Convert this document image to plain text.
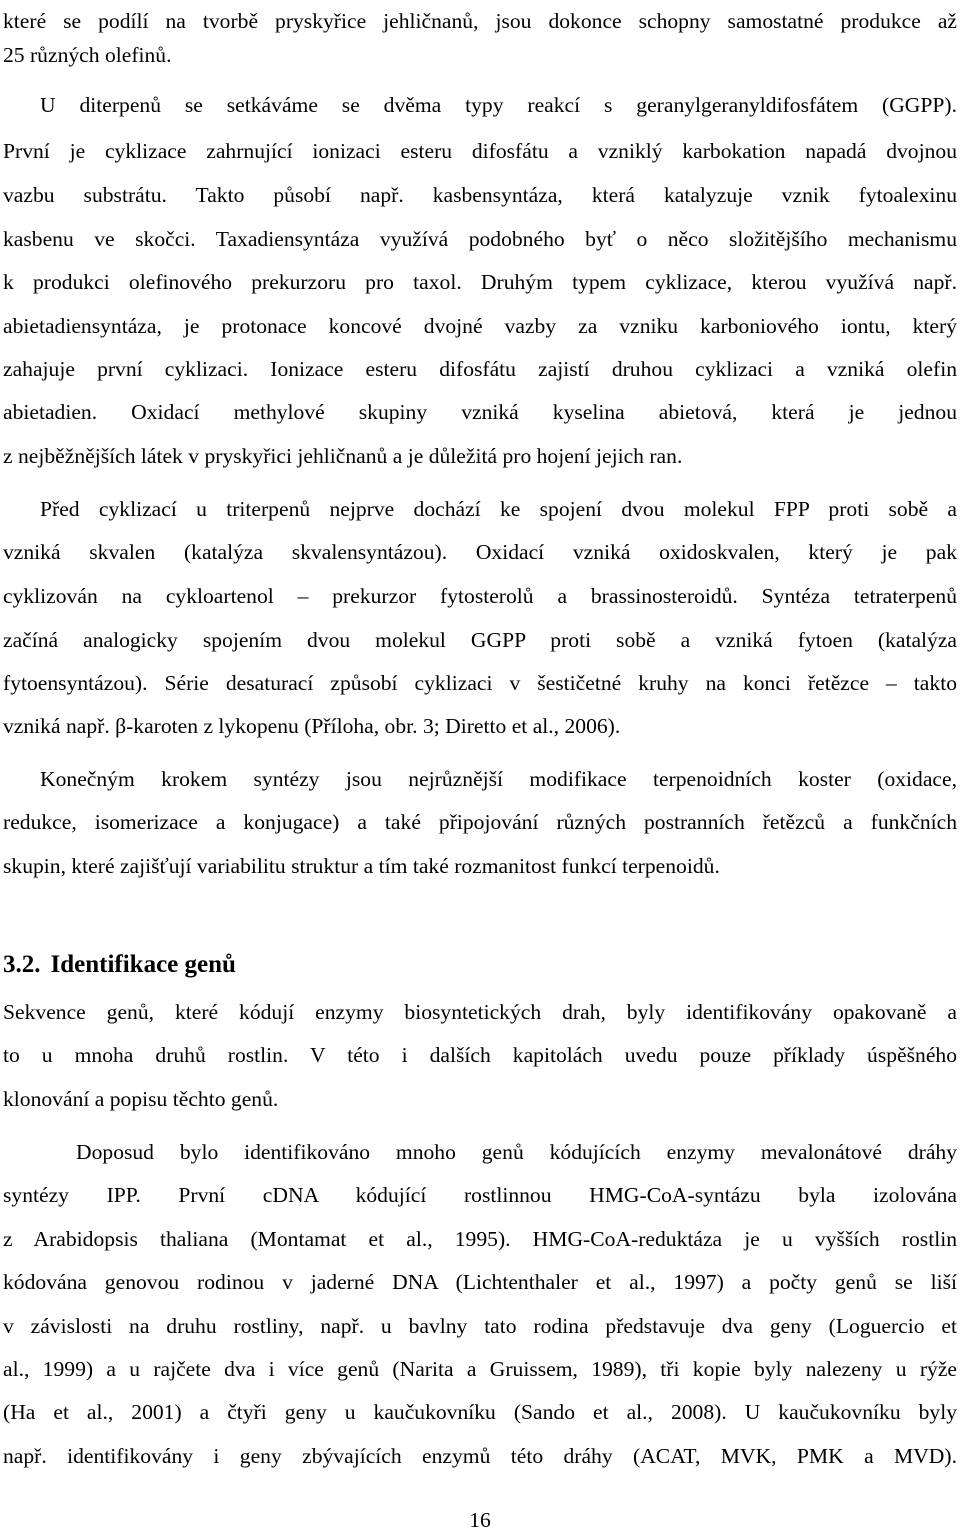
které se podílí na tvorbě pryskyřice jehličnanů, jsou dokonce schopny samostatné produkce až
25 různých olefinů.
U diterpenů se setkáváme se dvěma typy reakcí s geranylgeranyldifosfátem (GGPP).
První je cyklizace zahrnující ionizaci esteru difosfátu a vzniklý karbokation napadá dvojnou
vazbu substrátu. Takto působí např. kasbensyntáza, která katalyzuje vznik fytoalexinu
kasbenu ve skočci. Taxadiensyntáza využívá podobného byť o něco složitějšího mechanismu
k produkci olefinového prekurzoru pro taxol. Druhým typem cyklizace, kterou využívá např.
abietadiensyntáza, je protonace koncové dvojné vazby za vzniku karboniového iontu, který
zahajuje první cyklizaci. Ionizace esteru difosfátu zajistí druhou cyklizaci a vzniká olefin
abietadien. Oxidací methylové skupiny vzniká kyselina abietová, která je jednou
z nejběžnějších látek v pryskyřici jehličnanů a je důležitá pro hojení jejich ran.
Před cyklizací u triterpenů nejprve dochází ke spojení dvou molekul FPP proti sobě a
vzniká skvalen (katalýza skvalensyntázou). Oxidací vzniká oxidoskvalen, který je pak
cyklizován na cykloartenol – prekurzor fytosterolů a brassinosteroidů. Syntéza tetraterpenů
začíná analogicky spojením dvou molekul GGPP proti sobě a vzniká fytoen (katalýza
fytoensyntázou). Série desaturací způsobí cyklizaci v šestičetné kruhy na konci řetězce – takto
vzniká např. β-karoten z lykopenu (Příloha, obr. 3; Diretto et al., 2006).
Konečným krokem syntézy jsou nejrůznější modifikace terpenoidních koster (oxidace,
redukce, isomerizace a konjugace) a také připojování různých postranních řetězců a funkčních
skupin, které zajišťují variabilitu struktur a tím také rozmanitost funkcí terpenoidů.
3.2. Identifikace genů
Sekvence genů, které kódují enzymy biosyntetických drah, byly identifikovány opakovaně a
to u mnoha druhů rostlin. V této i dalších kapitolách uvedu pouze příklady úspěšného
klonování a popisu těchto genů.
Doposud bylo identifikováno mnoho genů kódujících enzymy mevalonátové dráhy
syntézy IPP. První cDNA kódující rostlinnou HMG-CoA-syntázu byla izolována
z Arabidopsis thaliana (Montamat et al., 1995). HMG-CoA-reduktáza je u vyšších rostlin
kódována genovou rodinou v jaderné DNA (Lichtenthaler et al., 1997) a počty genů se liší
v závislosti na druhu rostliny, např. u bavlny tato rodina představuje dva geny (Loguercio et
al., 1999) a u rajčete dva i více genů (Narita a Gruissem, 1989), tři kopie byly nalezeny u rýže
(Ha et al., 2001) a čtyři geny u kaučukovníku (Sando et al., 2008). U kaučukovníku byly
např. identifikovány i geny zbývajících enzymů této dráhy (ACAT, MVK, PMK a MVD).
16
